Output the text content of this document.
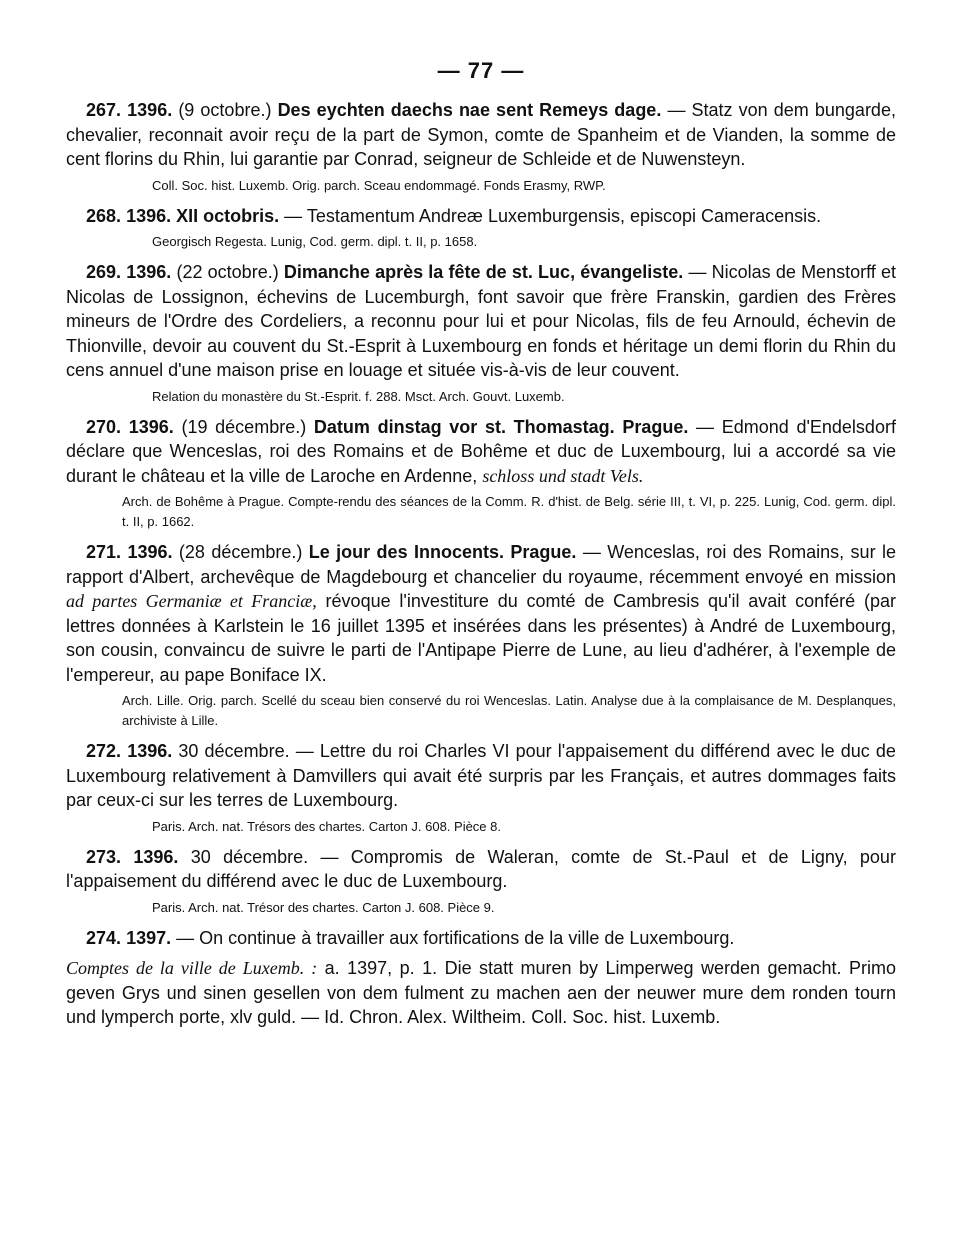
— 77 —

267. 1396. (9 octobre.) Des eychten daechs nae sent Remeys dage. — Statz von dem bungarde, chevalier, reconnait avoir reçu de la part de Symon, comte de Spanheim et de Vianden, la somme de cent florins du Rhin, lui garantie par Conrad, seigneur de Schleide et de Nuwensteyn.

Coll. Soc. hist. Luxemb. Orig. parch. Sceau endommagé. Fonds Erasmy, RWP.

268. 1396. XII octobris. — Testamentum Andreæ Luxemburgensis, episcopi Cameracensis.

Georgisch Regesta. Lunig, Cod. germ. dipl. t. II, p. 1658.

269. 1396. (22 octobre.) Dimanche après la fête de st. Luc, évangeliste. — Nicolas de Menstorff et Nicolas de Lossignon, échevins de Lucemburgh, font savoir que frère Franskin, gardien des Frères mineurs de l'Ordre des Cordeliers, a reconnu pour lui et pour Nicolas, fils de feu Arnould, échevin de Thionville, devoir au couvent du St.-Esprit à Luxembourg en fonds et héritage un demi florin du Rhin du cens annuel d'une maison prise en louage et située vis-à-vis de leur couvent.

Relation du monastère du St.-Esprit. f. 288. Msct. Arch. Gouvt. Luxemb.

270. 1396. (19 décembre.) Datum dinstag vor st. Thomastag. Prague. — Edmond d'Endelsdorf déclare que Wenceslas, roi des Romains et de Bohême et duc de Luxembourg, lui a accordé sa vie durant le château et la ville de Laroche en Ardenne, schloss und stadt Vels.

Arch. de Bohême à Prague. Compte-rendu des séances de la Comm. R. d'hist. de Belg. série III, t. VI, p. 225. Lunig, Cod. germ. dipl. t. II, p. 1662.

271. 1396. (28 décembre.) Le jour des Innocents. Prague. — Wenceslas, roi des Romains, sur le rapport d'Albert, archevêque de Magdebourg et chancelier du royaume, récemment envoyé en mission ad partes Germaniæ et Franciæ, révoque l'investiture du comté de Cambresis qu'il avait conféré (par lettres données à Karlstein le 16 juillet 1395 et insérées dans les présentes) à André de Luxembourg, son cousin, convaincu de suivre le parti de l'Antipape Pierre de Lune, au lieu d'adhérer, à l'exemple de l'empereur, au pape Boniface IX.

Arch. Lille. Orig. parch. Scellé du sceau bien conservé du roi Wenceslas. Latin. Analyse due à la complaisance de M. Desplanques, archiviste à Lille.

272. 1396. 30 décembre. — Lettre du roi Charles VI pour l'appaisement du différend avec le duc de Luxembourg relativement à Damvillers qui avait été surpris par les Français, et autres dommages faits par ceux-ci sur les terres de Luxembourg.

Paris. Arch. nat. Trésors des chartes. Carton J. 608. Pièce 8.

273. 1396. 30 décembre. — Compromis de Waleran, comte de St.-Paul et de Ligny, pour l'appaisement du différend avec le duc de Luxembourg.

Paris. Arch. nat. Trésor des chartes. Carton J. 608. Pièce 9.

274. 1397. — On continue à travailler aux fortifications de la ville de Luxembourg.

Comptes de la ville de Luxemb. : a. 1397, p. 1. Die statt muren by Limperweg werden gemacht. Primo geven Grys und sinen gesellen von dem fulment zu machen aen der neuwer mure dem ronden tourn und lymperch porte, xlv guld. — Id. Chron. Alex. Wiltheim. Coll. Soc. hist. Luxemb.
